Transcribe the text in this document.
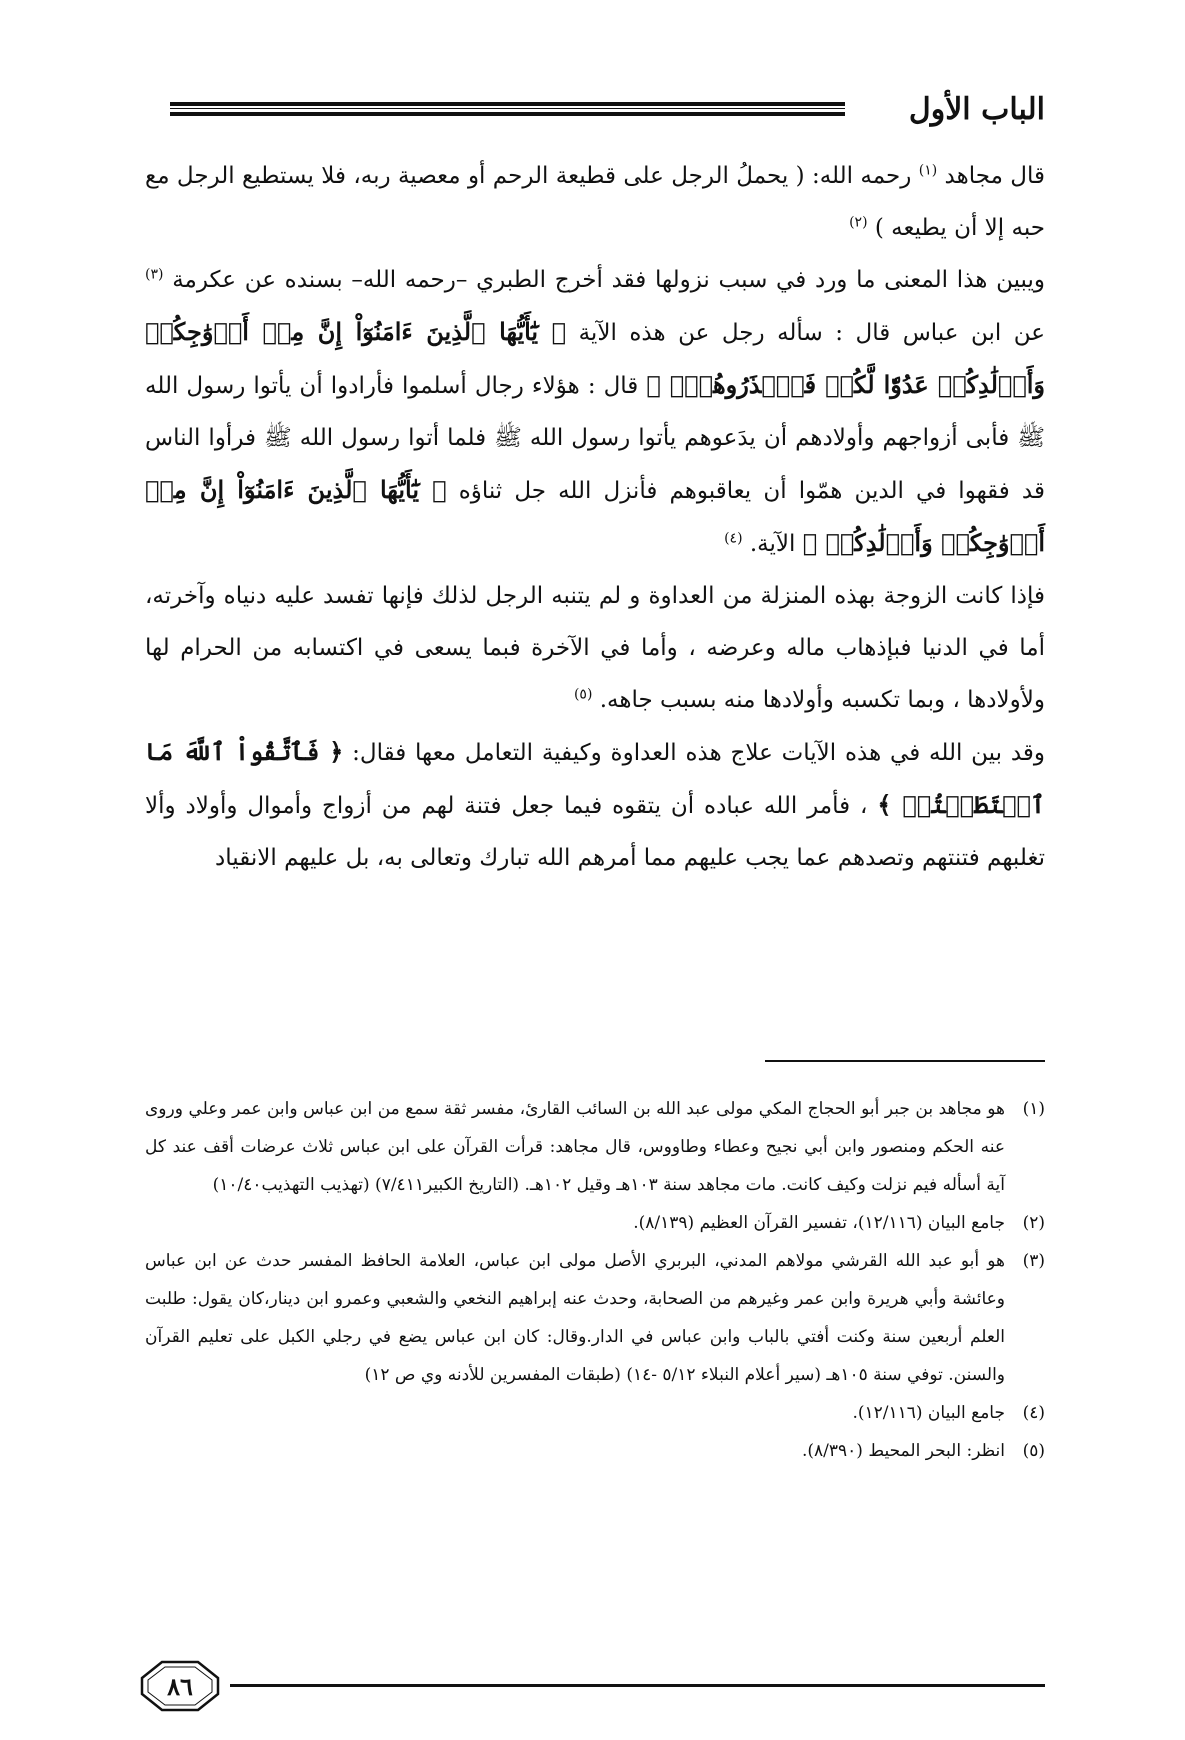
الباب الأول

قال مجاهد $^{(١)}$ رحمه الله: ( يحملُ الرجل على قطيعة الرحم أو معصية ربه، فلا يستطيع الرجل مع حبه إلا أن يطيعه ) $^{(٢)}$

ويبين هذا المعنى ما ورد في سبب نزولها فقد أخرج الطبري –رحمه الله– بسنده عن عكرمة $^{(٣)}$ عن ابن عباس قال : سأله رجل عن هذه الآية ﴿ يَٰٓأَيُّهَا ٱلَّذِينَ ءَامَنُوٓاْ إِنَّ مِنۡ أَزۡوَٰجِكُمۡ وَأَوۡلَٰدِكُمۡ عَدُوّٗا لَّكُمۡ فَٱحۡذَرُوهُمۡۚ ﴾ قال : هؤلاء رجال أسلموا فأرادوا أن يأتوا رسول الله ﷺ فأبى أزواجهم وأولادهم أن يدَعوهم يأتوا رسول الله ﷺ فلما أتوا رسول الله ﷺ فرأوا الناس قد فقهوا في الدين همّوا أن يعاقبوهم فأنزل الله جل ثناؤه ﴿ يَٰٓأَيُّهَا ٱلَّذِينَ ءَامَنُوٓاْ إِنَّ مِنۡ أَزۡوَٰجِكُمۡ وَأَوۡلَٰدِكُمۡ ﴾ الآية. $^{(٤)}$

فإذا كانت الزوجة بهذه المنزلة من العداوة و لم يتنبه الرجل لذلك فإنها تفسد عليه دنياه وآخرته، أما في الدنيا فبإذهاب ماله وعرضه ، وأما في الآخرة فبما يسعى في اكتسابه من الحرام لها ولأولادها ، وبما تكسبه وأولادها منه بسبب جاهه. $^{(٥)}$

وقد بين الله في هذه الآيات علاج هذه العداوة وكيفية التعامل معها فقال: ﴿ فَٱتَّقُواْ ٱللَّهَ مَا ٱسۡتَطَعۡتُمۡ ﴾ ، فأمر الله عباده أن يتقوه فيما جعل فتنة لهم من أزواج وأموال وأولاد وألا تغلبهم فتنتهم وتصدهم عما يجب عليهم مما أمرهم الله تبارك وتعالى به، بل عليهم الانقياد

(١)
هو مجاهد بن جبر أبو الحجاج المكي مولى عبد الله بن السائب القارئ، مفسر ثقة سمع من ابن عباس وابن عمر وعلي وروى عنه الحكم ومنصور وابن أبي نجيح وعطاء وطاووس، قال مجاهد: قرأت القرآن على ابن عباس ثلاث عرضات أقف عند كل آية أسأله فيم نزلت وكيف كانت. مات مجاهد سنة ١٠٣هـ وقيل ١٠٢هـ. (التاريخ الكبير٧/٤١١) (تهذيب التهذيب١٠/٤٠)

(٢)
جامع البيان (١٢/١١٦)، تفسير القرآن العظيم (٨/١٣٩).

(٣)
هو أبو عبد الله القرشي مولاهم المدني، البربري الأصل مولى ابن عباس، العلامة الحافظ المفسر حدث عن ابن عباس وعائشة وأبي هريرة وابن عمر وغيرهم من الصحابة، وحدث عنه إبراهيم النخعي والشعبي وعمرو ابن دينار،كان يقول: طلبت العلم أربعين سنة وكنت أفتي بالباب وابن عباس في الدار.وقال: كان ابن عباس يضع في رجلي الكبل على تعليم القرآن والسنن. توفي سنة ١٠٥هـ (سير أعلام النبلاء ٥/١٢ -١٤) (طبقات المفسرين للأدنه وي ص ١٢)

(٤)
جامع البيان (١٢/١١٦).

(٥)
انظر: البحر المحيط (٨/٣٩٠).

٨٦
